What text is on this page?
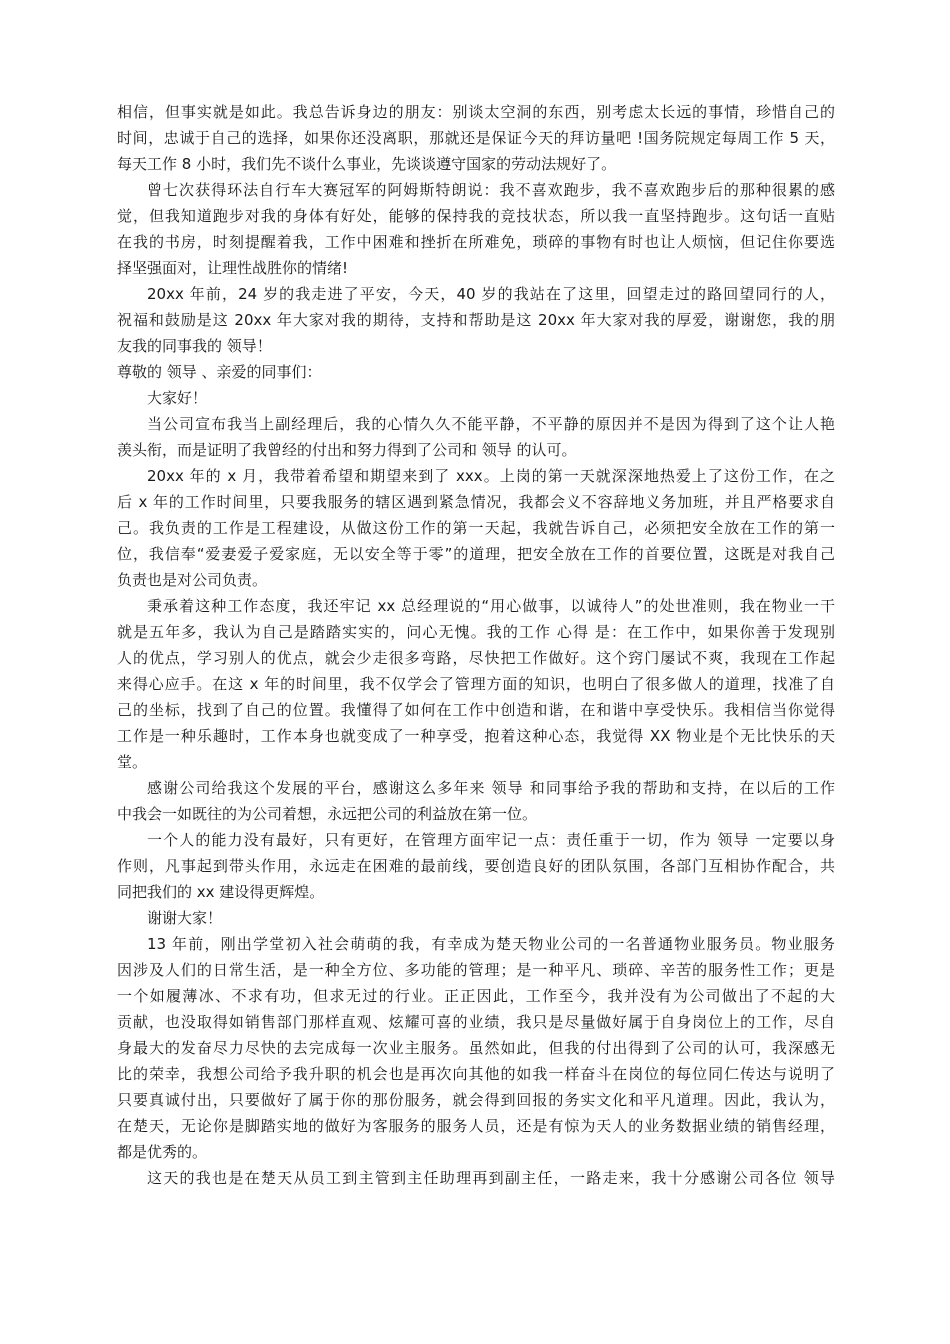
相信，但事实就是如此。我总告诉身边的朋友：别谈太空洞的东西，别考虑太长远的事情，珍惜自己的
时间，忠诚于自己的选择，如果你还没离职，那就还是保证今天的拜访量吧 !国务院规定每周工作 5 天，
每天工作 8 小时，我们先不谈什么事业，先谈谈遵守国家的劳动法规好了。
曾七次获得环法自行车大赛冠军的阿姆斯特朗说：我不喜欢跑步，我不喜欢跑步后的那种很累的感
觉，但我知道跑步对我的身体有好处，能够的保持我的竞技状态，所以我一直坚持跑步。这句话一直贴
在我的书房，时刻提醒着我，工作中困难和挫折在所难免，琐碎的事物有时也让人烦恼，但记住你要选
择坚强面对，让理性战胜你的情绪!
20xx 年前，24 岁的我走进了平安，今天，40 岁的我站在了这里，回望走过的路回望同行的人，
祝福和鼓励是这 20xx 年大家对我的期待，支持和帮助是这 20xx 年大家对我的厚爱，谢谢您，我的朋
友我的同事我的 领导！
尊敬的 领导 、亲爱的同事们：
大家好！
当公司宣布我当上副经理后，我的心情久久不能平静，不平静的原因并不是因为得到了这个让人艳
羡头衔，而是证明了我曾经的付出和努力得到了公司和 领导 的认可。
20xx 年的 x 月，我带着希望和期望来到了 xxx。上岗的第一天就深深地热爱上了这份工作，在之
后 x 年的工作时间里，只要我服务的辖区遇到紧急情况，我都会义不容辞地义务加班，并且严格要求自
己。我负责的工作是工程建设，从做这份工作的第一天起，我就告诉自己，必须把安全放在工作的第一
位，我信奉“爱妻爱子爱家庭，无以安全等于零”的道理，把安全放在工作的首要位置，这既是对我自己
负责也是对公司负责。
秉承着这种工作态度，我还牢记 xx 总经理说的“用心做事，以诚待人”的处世准则，我在物业一干
就是五年多，我认为自己是踏踏实实的，问心无愧。我的工作 心得 是：在工作中，如果你善于发现别
人的优点，学习别人的优点，就会少走很多弯路，尽快把工作做好。这个窍门屡试不爽，我现在工作起
来得心应手。在这 x 年的时间里，我不仅学会了管理方面的知识，也明白了很多做人的道理，找准了自
己的坐标，找到了自己的位置。我懂得了如何在工作中创造和谐，在和谐中享受快乐。我相信当你觉得
工作是一种乐趣时，工作本身也就变成了一种享受，抱着这种心态，我觉得 XX 物业是个无比快乐的天
堂。
感谢公司给我这个发展的平台，感谢这么多年来 领导 和同事给予我的帮助和支持，在以后的工作
中我会一如既往的为公司着想，永远把公司的利益放在第一位。
一个人的能力没有最好，只有更好，在管理方面牢记一点：责任重于一切，作为 领导 一定要以身
作则，凡事起到带头作用，永远走在困难的最前线，要创造良好的团队氛围，各部门互相协作配合，共
同把我们的 xx 建设得更辉煌。
谢谢大家！
13 年前，刚出学堂初入社会萌萌的我，有幸成为楚天物业公司的一名普通物业服务员。物业服务
因涉及人们的日常生活，是一种全方位、多功能的管理；是一种平凡、琐碎、辛苦的服务性工作；更是
一个如履薄冰、不求有功，但求无过的行业。正正因此，工作至今，我并没有为公司做出了不起的大
贡献，也没取得如销售部门那样直观、炫耀可喜的业绩，我只是尽量做好属于自身岗位上的工作，尽自
身最大的发奋尽力尽快的去完成每一次业主服务。虽然如此，但我的付出得到了公司的认可，我深感无
比的荣幸，我想公司给予我升职的机会也是再次向其他的如我一样奋斗在岗位的每位同仁传达与说明了
只要真诚付出，只要做好了属于你的那份服务，就会得到回报的务实文化和平凡道理。因此，我认为，
在楚天，无论你是脚踏实地的做好为客服务的服务人员，还是有惊为天人的业务数据业绩的销售经理，
都是优秀的。
这天的我也是在楚天从员工到主管到主任助理再到副主任，一路走来，我十分感谢公司各位 领导
